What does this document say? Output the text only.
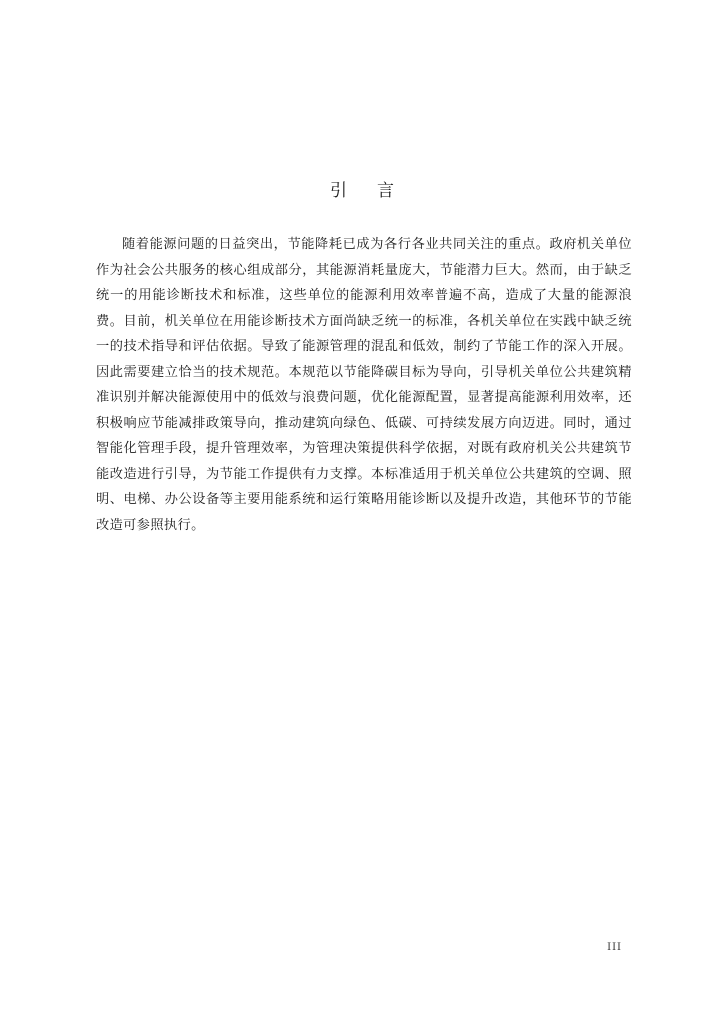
引言

随着能源问题的日益突出，节能降耗已成为各行各业共同关注的重点。政府机关单位作为社会公共服务的核心组成部分，其能源消耗量庞大，节能潜力巨大。然而，由于缺乏统一的用能诊断技术和标准，这些单位的能源利用效率普遍不高，造成了大量的能源浪费。目前，机关单位在用能诊断技术方面尚缺乏统一的标准，各机关单位在实践中缺乏统一的技术指导和评估依据。导致了能源管理的混乱和低效，制约了节能工作的深入开展。因此需要建立恰当的技术规范。本规范以节能降碳目标为导向，引导机关单位公共建筑精准识别并解决能源使用中的低效与浪费问题，优化能源配置，显著提高能源利用效率，还积极响应节能减排政策导向，推动建筑向绿色、低碳、可持续发展方向迈进。同时，通过智能化管理手段，提升管理效率，为管理决策提供科学依据，对既有政府机关公共建筑节能改造进行引导，为节能工作提供有力支撑。本标准适用于机关单位公共建筑的空调、照明、电梯、办公设备等主要用能系统和运行策略用能诊断以及提升改造，其他环节的节能改造可参照执行。

III
